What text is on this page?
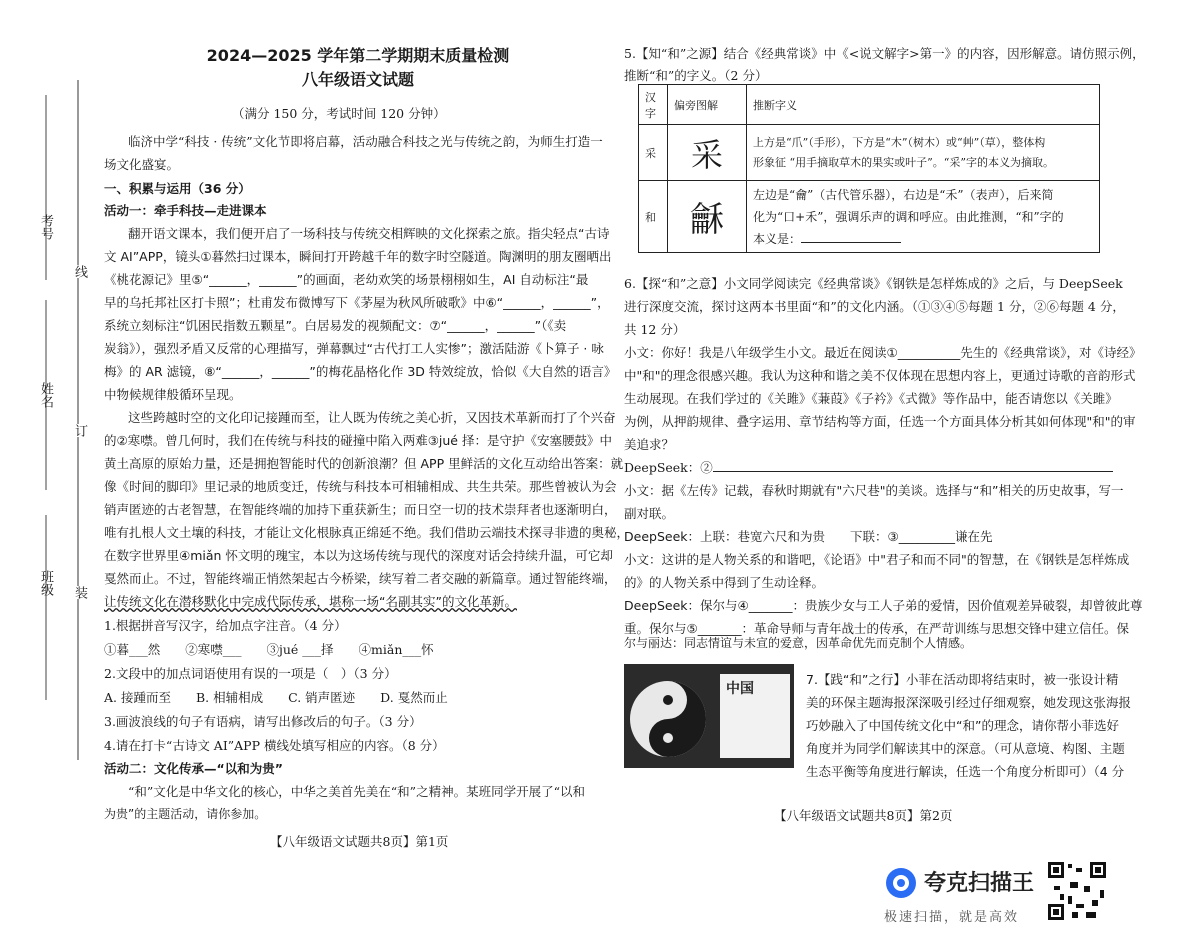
考号
姓名
班级
线
订
装
2024—2025 学年第二学期期末质量检测
八年级语文试题
（满分 150 分，考试时间 120 分钟）
临济中学“科技 · 传统”文化节即将启幕，活动融合科技之光与传统之韵，为师生打造一
场文化盛宴。
一、积累与运用（36 分）
活动一：牵手科技—走进课本
翻开语文课本，我们便开启了一场科技与传统交相辉映的文化探索之旅。指尖轻点“古诗
文 AI”APP，镜头①暮然扫过课本，瞬间打开跨越千年的数字时空隧道。陶渊明的朋友圈晒出
《桃花源记》里⑤“______，______”的画面，老幼欢笑的场景栩栩如生，AI 自动标注“最
早的乌托邦社区打卡照”；杜甫发布微博写下《茅屋为秋风所破歌》中⑥“______，______”，
系统立刻标注“饥困民指数五颗星”。白居易发的视频配文：⑦“______，______”（《卖
炭翁》），强烈矛盾又反常的心理描写，弹幕飘过“古代打工人实惨”；激活陆游《卜算子 · 咏
梅》的 AR 滤镜，⑧“______，______”的梅花晶格化作 3D 特效绽放，恰似《大自然的语言》
中物候规律般循环呈现。
这些跨越时空的文化印记接踵而至，让人既为传统之美心折，又因技术革新而打了个兴奋
的②寒噤。曾几何时，我们在传统与科技的碰撞中陷入两难③jué 择：是守护《安塞腰鼓》中
黄土高原的原始力量，还是拥抱智能时代的创新浪潮？但 APP 里鲜活的文化互动给出答案：就
像《时间的脚印》里记录的地质变迁，传统与科技本可相辅相成、共生共荣。那些曾被认为会
销声匿迹的古老智慧，在智能终端的加持下重获新生；而日空一切的技术崇拜者也逐渐明白，
唯有扎根人文土壤的科技，才能让文化根脉真正绵延不绝。我们借助云端技术探寻非遗的奥秘，
在数字世界里④miǎn 怀文明的瑰宝，本以为这场传统与现代的深度对话会持续升温，可它却
戛然而止。不过，智能终端正悄然架起古今桥梁，续写着二者交融的新篇章。通过智能终端，
让传统文化在潜移默化中完成代际传承，堪称一场“名副其实”的文化革新。
1.根据拼音写汉字，给加点字注音。（4 分）
①暮___然　　②寒噤___　　③jué ___择　　④miǎn___怀
2.文段中的加点词语使用有误的一项是（　）（3 分）
A. 接踵而至　　B. 相辅相成　　C. 销声匿迹　　D. 戛然而止
3.画波浪线的句子有语病，请写出修改后的句子。（3 分）
4.请在打卡“古诗文 AI”APP 横线处填写相应的内容。（8 分）
活动二：文化传承—“以和为贵”
“和”文化是中华文化的核心，中华之美首先美在“和”之精神。某班同学开展了“以和
【八年级语文试题共8页】第1页
5.【知“和”之源】结合《经典常谈》中《<说文解字>第一》的内容，因形解意。请仿照示例，
推断“和”的字义。（2 分）
汉字	偏旁图解	推断字义
采	采	上方是“爪”（手形），下方是“木”（树木）或“艸”（草），整体构
形象征 “用手摘取草木的果实或叶子”。“采”字的本义为摘取。

和	龢	左边是“龠”（古代管乐器），右边是“禾”（表声），后来简
化为“口+禾”，强调乐声的调和呼应。由此推测，“和”字的
本义是：
6.【探“和”之意】小文同学阅读完《经典常谈》《钢铁是怎样炼成的》之后，与 DeepSeek
进行深度交流，探讨这两本书里面“和”的文化内涵。（①③④⑤每题 1 分，②⑥每题 4 分，
共 12 分）
小文：你好！我是八年级学生小文。最近在阅读①__________先生的《经典常谈》，对《诗经》
中"和"的理念很感兴趣。我认为这种和谐之美不仅体现在思想内容上，更通过诗歌的音韵形式
生动展现。在我们学过的《关雎》《蒹葭》《子衿》《式微》等作品中，能否请您以《关雎》
为例，从押韵规律、叠字运用、章节结构等方面，任选一个方面具体分析其如何体现"和"的审
美追求？
DeepSeek：②
小文：据《左传》记载，春秋时期就有"六尺巷"的美谈。选择与“和”相关的历史故事，写一
副对联。
DeepSeek：上联：巷宽六尺和为贵　　下联：③_________谦在先
小文：这讲的是人物关系的和谐吧，《论语》中"君子和而不同"的智慧，在《钢铁是怎样炼成
的》的人物关系中得到了生动诠释。
DeepSeek：保尔与④_______：贵族少女与工人子弟的爱情，因价值观差异破裂，却曾彼此尊
重。保尔与⑤_______：革命导师与青年战士的传承，在严苛训练与思想交锋中建立信任。保
中国
7.【践“和”之行】小菲在活动即将结束时，被一张设计精
美的环保主题海报深深吸引经过仔细观察，她发现这张海报
巧妙融入了中国传统文化中“和”的理念，请你帮小菲选好
角度并为同学们解读其中的深意。（可从意境、构图、主题
生态平衡等角度进行解读，任选一个角度分析即可）（4 分
【八年级语文试题共8页】第2页
为贵”的主题活动，请你参加。
尔与丽达：同志情谊与未宣的爱意，因革命优先而克制个人情感。
夸克扫描王
极速扫描，就是高效
